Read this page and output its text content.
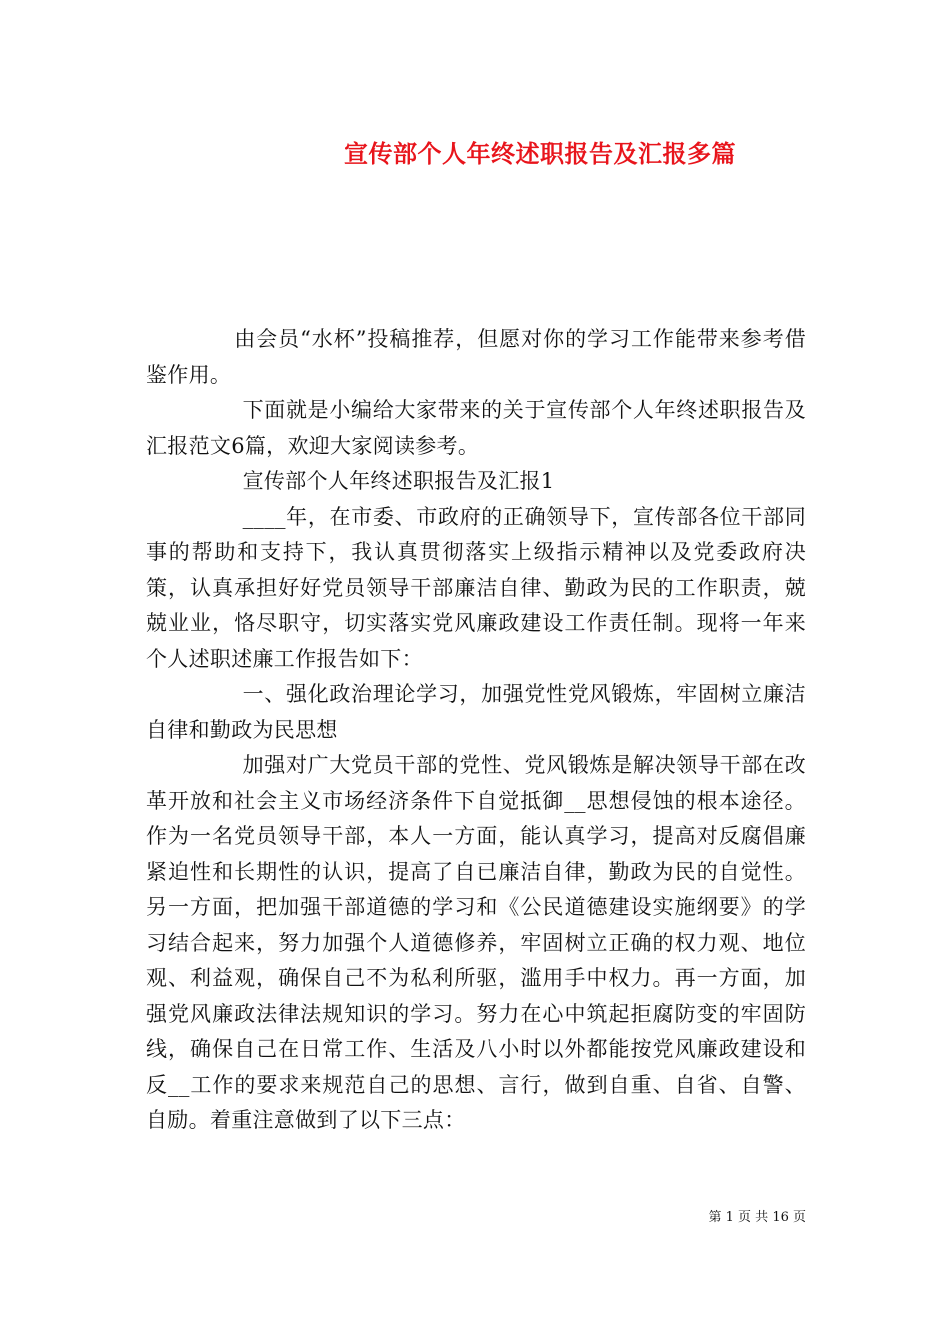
宣传部个人年终述职报告及汇报多篇

由会员“水杯”投稿推荐，但愿对你的学习工作能带来参考借鉴作用。

下面就是小编给大家带来的关于宣传部个人年终述职报告及汇报范文6篇，欢迎大家阅读参考。

宣传部个人年终述职报告及汇报1

____年，在市委、市政府的正确领导下，宣传部各位干部同事的帮助和支持下，我认真贯彻落实上级指示精神以及党委政府决策，认真承担好好党员领导干部廉洁自律、勤政为民的工作职责，兢兢业业，恪尽职守，切实落实党风廉政建设工作责任制。现将一年来个人述职述廉工作报告如下：

一、强化政治理论学习，加强党性党风锻炼，牢固树立廉洁自律和勤政为民思想

加强对广大党员干部的党性、党风锻炼是解决领导干部在改革开放和社会主义市场经济条件下自觉抵御__思想侵蚀的根本途径。作为一名党员领导干部，本人一方面，能认真学习，提高对反腐倡廉紧迫性和长期性的认识，提高了自已廉洁自律，勤政为民的自觉性。另一方面，把加强干部道德的学习和《公民道德建设实施纲要》的学习结合起来，努力加强个人道德修养，牢固树立正确的权力观、地位观、利益观，确保自己不为私利所驱，滥用手中权力。再一方面，加强党风廉政法律法规知识的学习。努力在心中筑起拒腐防变的牢固防线，确保自己在日常工作、生活及八小时以外都能按党风廉政建设和反__工作的要求来规范自己的思想、言行，做到自重、自省、自警、自励。着重注意做到了以下三点：

第 1 页 共 16 页
